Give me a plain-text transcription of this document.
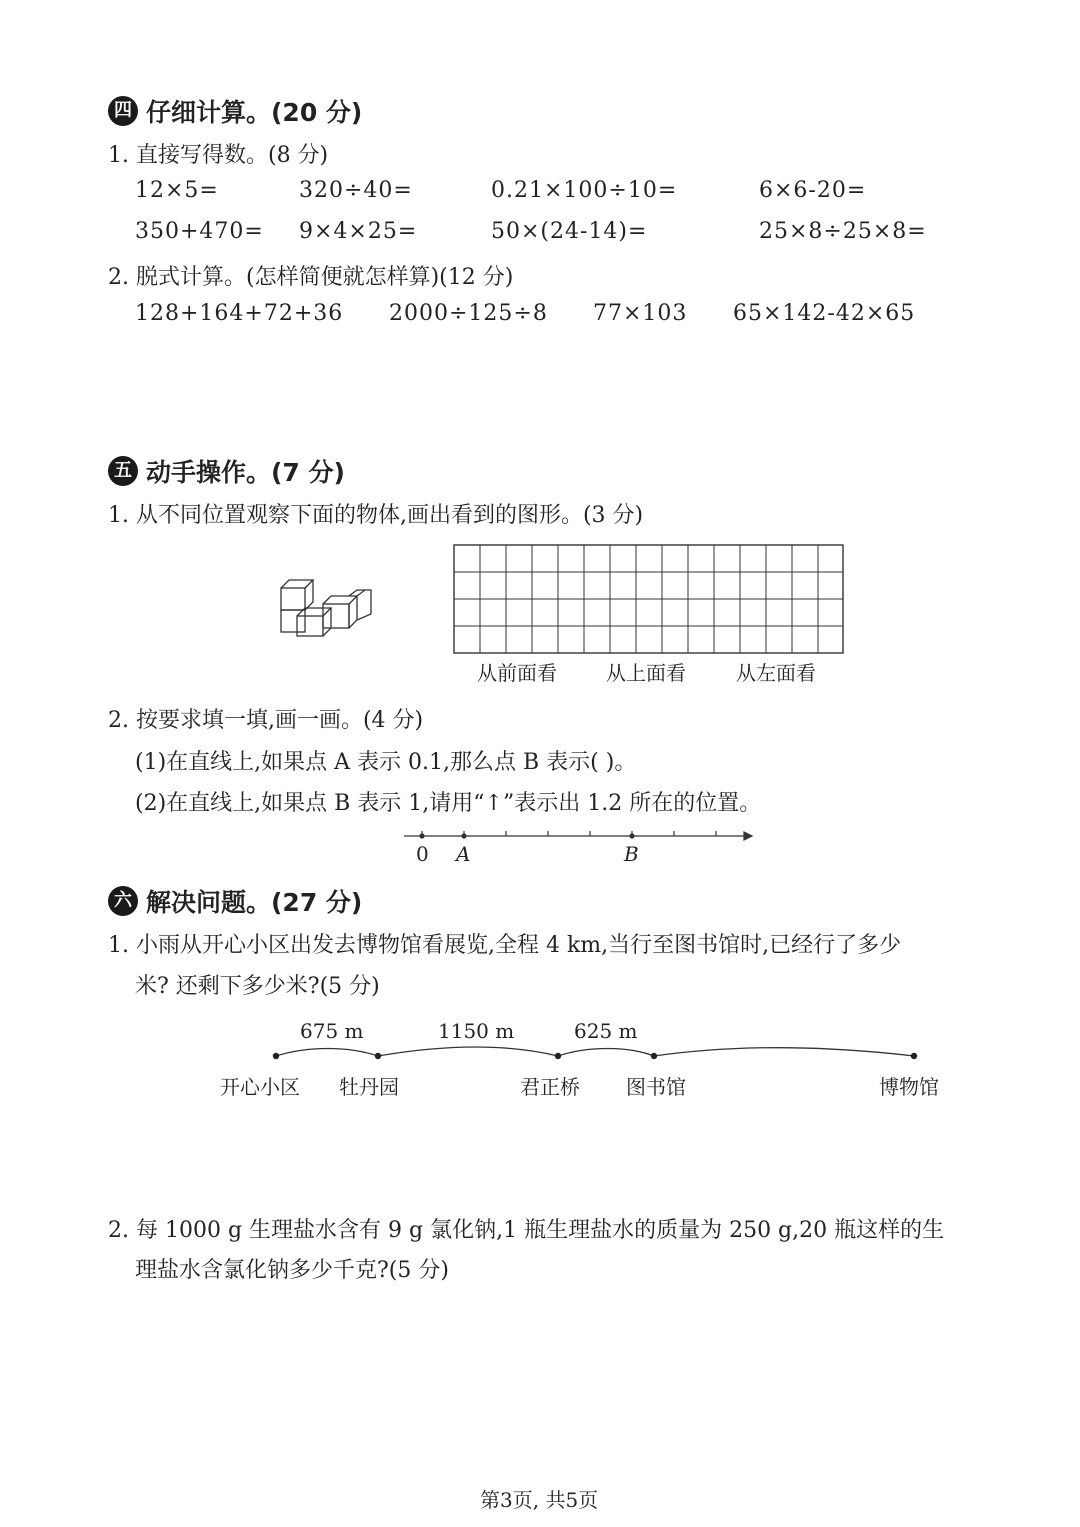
四 仔细计算。(20 分)
1. 直接写得数。(8 分)
12×5=	320÷40=	0.21×100÷10=	6×6-20=
350+470= 9×4×25=	50×(24-14)=	25×8÷25×8=
2. 脱式计算。(怎样简便就怎样算)(12 分)
128+164+72+36 2000÷125÷8 77×103 65×142-42×65
五 动手操作。(7 分)
1. 从不同位置观察下面的物体,画出看到的图形。(3 分)
从前面看 从上面看	从左面看
2. 按要求填一填,画一画。(4 分)
(1)在直线上,如果点 A 表示 0.1,那么点 B 表示( )。
(2)在直线上,如果点 B 表示 1,请用“↑”表示出 1.2 所在的位置。
0 A	B
六 解决问题。(27 分)
1. 小雨从开心小区出发去博物馆看展览,全程 4 km,当行至图书馆时,已经行了多少
米? 还剩下多少米?(5 分)
675 m	1150 m	625 m
开心小区 牡丹园	君正桥 图书馆	博物馆
2. 每 1000 g 生理盐水含有 9 g 氯化钠,1 瓶生理盐水的质量为 250 g,20 瓶这样的生
理盐水含氯化钠多少千克?(5 分)
第3页, 共5页
